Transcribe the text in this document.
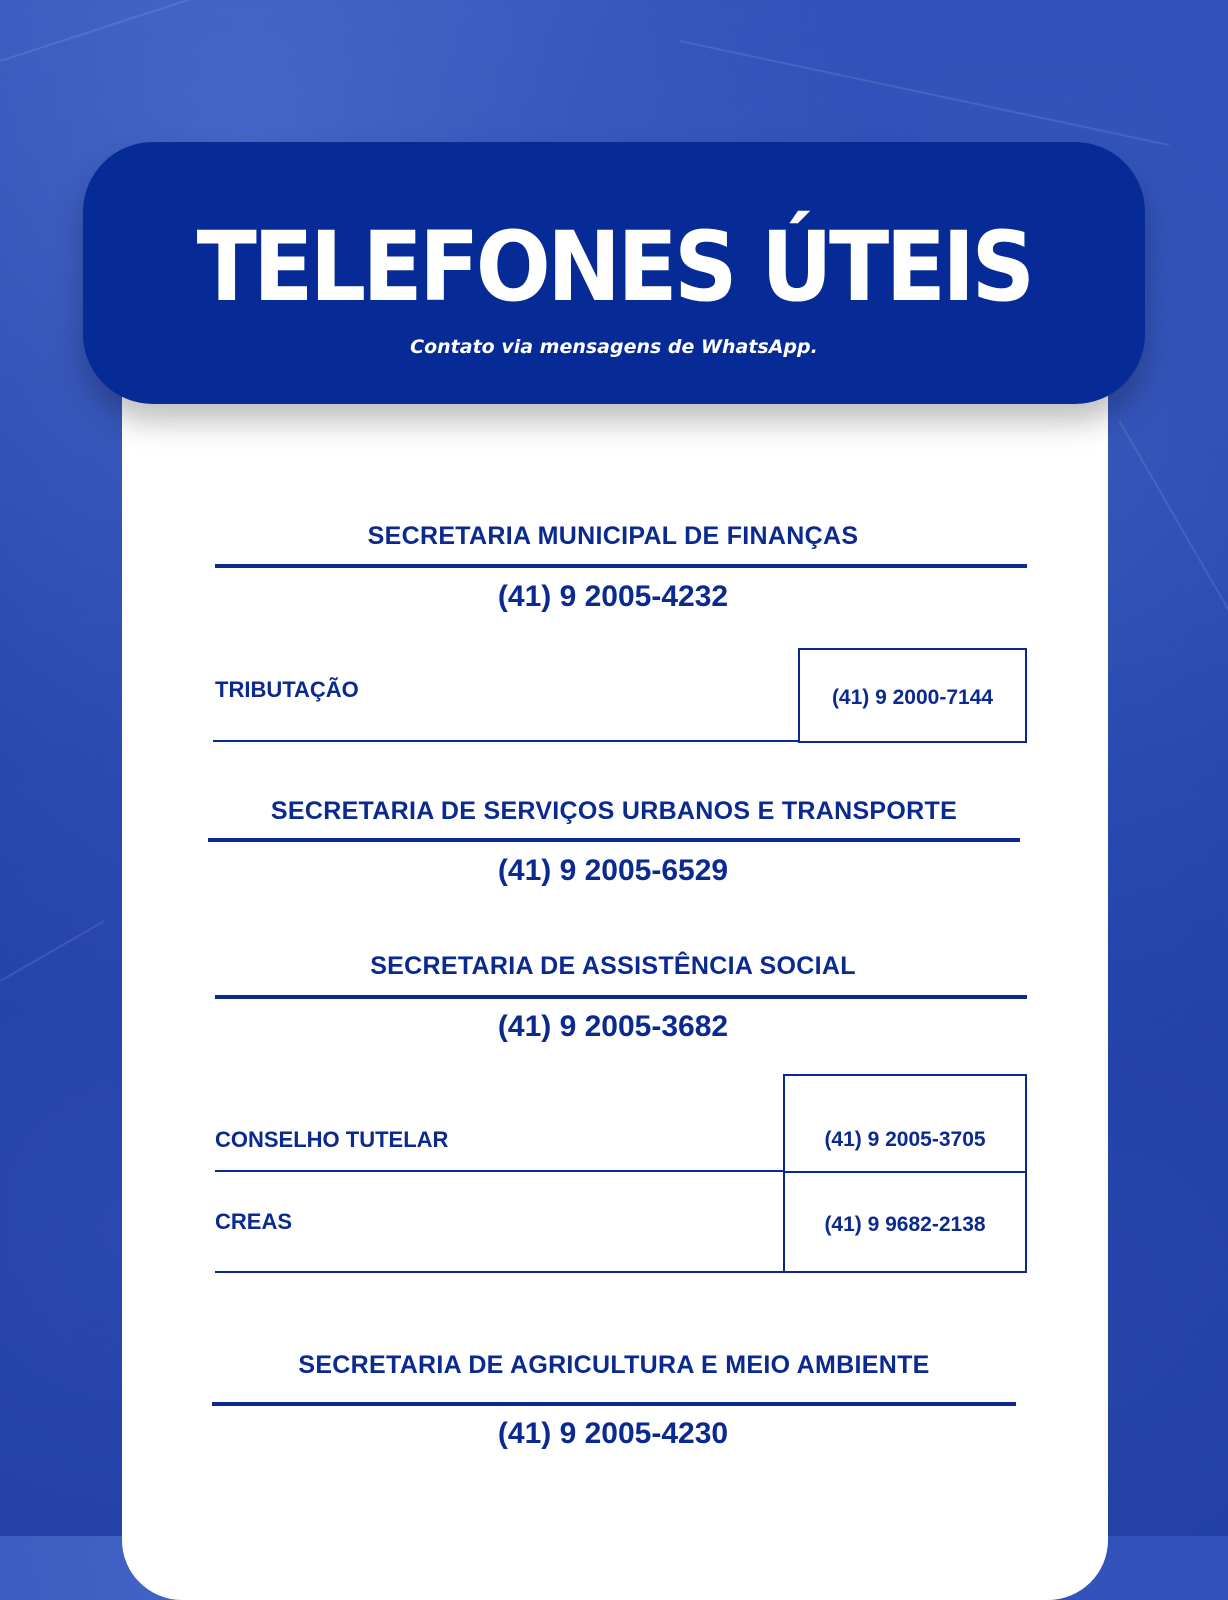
TELEFONES ÚTEIS
Contato via mensagens de WhatsApp.
SECRETARIA MUNICIPAL DE FINANÇAS
(41) 9 2005-4232
TRIBUTAÇÃO	(41) 9 2000-7144
SECRETARIA DE SERVIÇOS URBANOS E TRANSPORTE
(41) 9 2005-6529
SECRETARIA DE ASSISTÊNCIA SOCIAL
(41) 9 2005-3682
CONSELHO TUTELAR	(41) 9 2005-3705
CREAS	(41) 9 9682-2138
SECRETARIA DE AGRICULTURA E MEIO AMBIENTE
(41) 9 2005-4230
